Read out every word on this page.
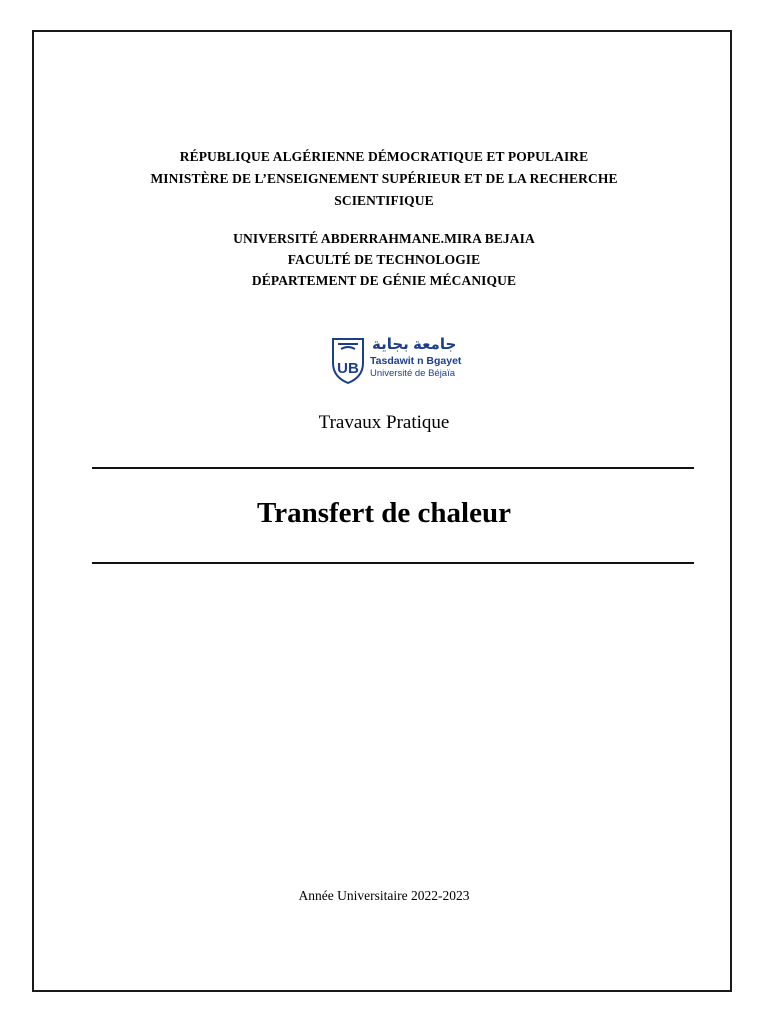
RÉPUBLIQUE ALGÉRIENNE DÉMOCRATIQUE ET POPULAIRE
MINISTÈRE DE L’ENSEIGNEMENT SUPÉRIEUR ET DE LA RECHERCHE
SCIENTIFIQUE
UNIVERSITÉ ABDERRAHMANE.MIRA BEJAIA
FACULTÉ DE TECHNOLOGIE
DÉPARTEMENT DE GÉNIE MÉCANIQUE
UB
جامعة بجاية
Tasdawit n Bgayet
Université de Béjaïa
Travaux Pratique
Transfert de chaleur
Année Universitaire 2022-2023
